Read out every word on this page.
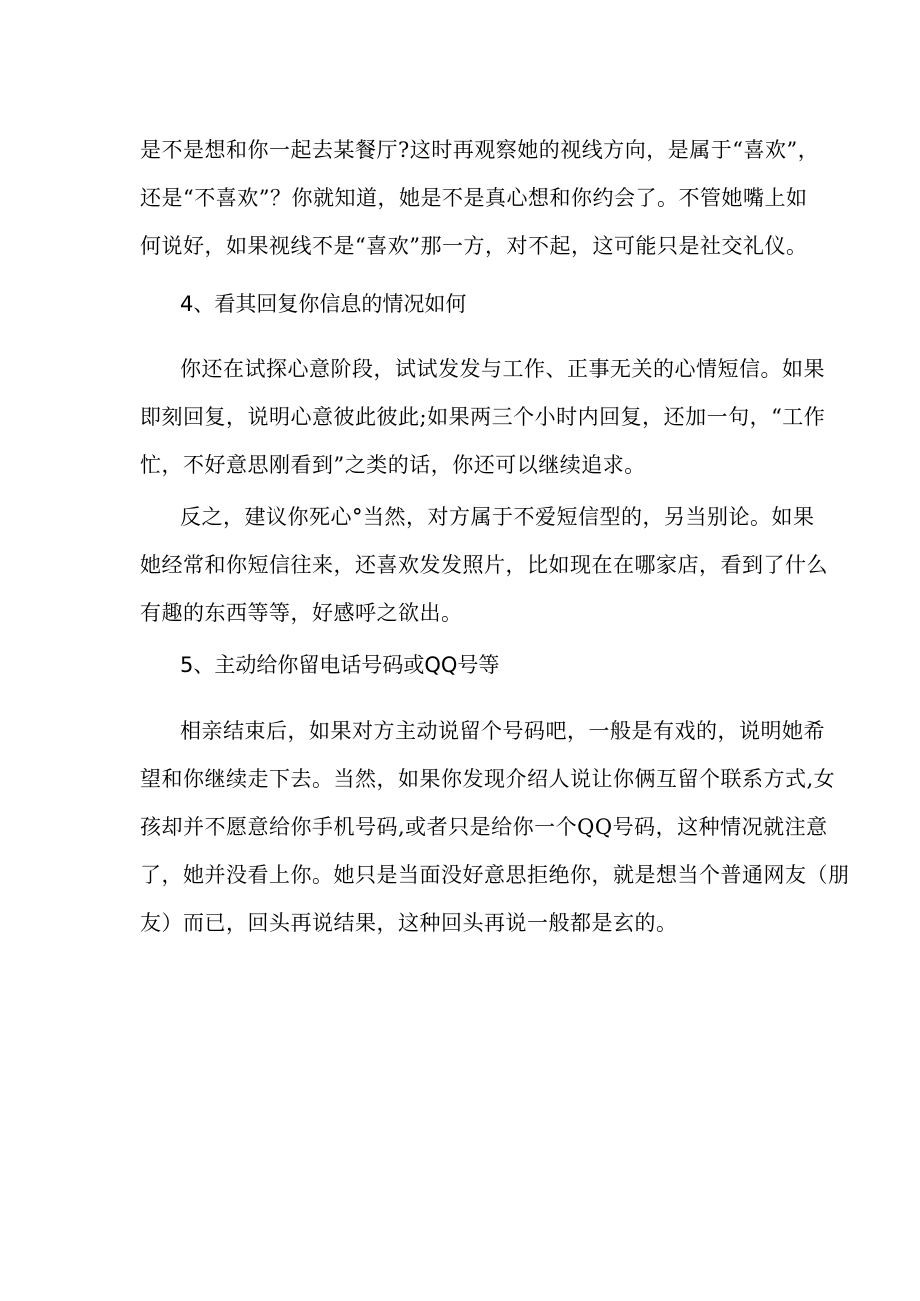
是不是想和你一起去某餐厅?这时再观察她的视线方向，是属于“喜欢”，
还是“不喜欢”？你就知道，她是不是真心想和你约会了。不管她嘴上如
何说好，如果视线不是“喜欢”那一方，对不起，这可能只是社交礼仪。
4、看其回复你信息的情况如何
你还在试探心意阶段，试试发发与工作、正事无关的心情短信。如果
即刻回复，说明心意彼此彼此;如果两三个小时内回复，还加一句，“工作
忙，不好意思刚看到”之类的话，你还可以继续追求。
反之，建议你死心°当然，对方属于不爱短信型的，另当别论。如果
她经常和你短信往来，还喜欢发发照片，比如现在在哪家店，看到了什么
有趣的东西等等，好感呼之欲出。
5、主动给你留电话号码或QQ号等
相亲结束后，如果对方主动说留个号码吧，一般是有戏的，说明她希
望和你继续走下去。当然，如果你发现介绍人说让你俩互留个联系方式,女
孩却并不愿意给你手机号码,或者只是给你一个QQ号码，这种情况就注意
了，她并没看上你。她只是当面没好意思拒绝你，就是想当个普通网友（朋
友）而已，回头再说结果，这种回头再说一般都是玄的。
